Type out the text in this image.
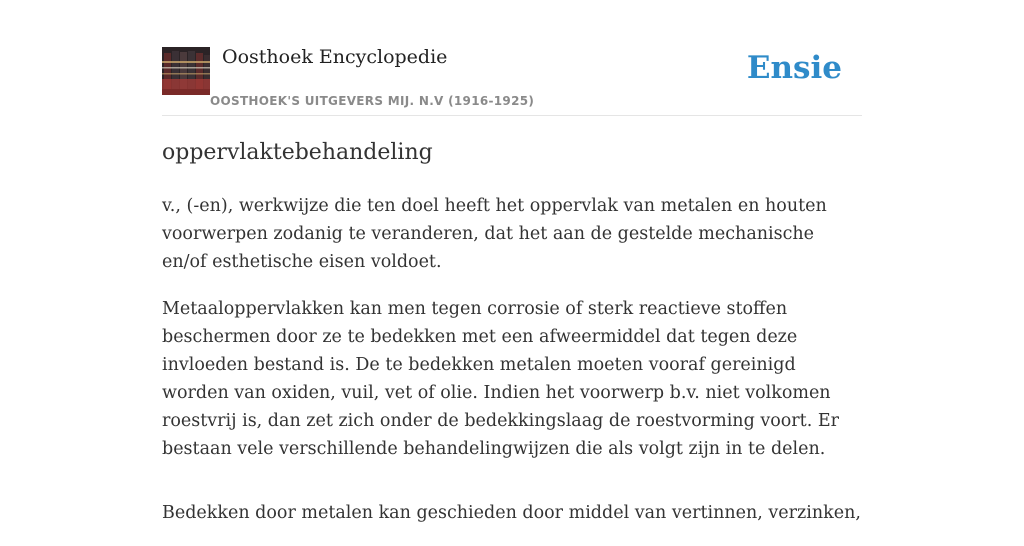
Oosthoek Encyclopedie
OOSTHOEK'S UITGEVERS MIJ. N.V (1916-1925)
Ensie
oppervlaktebehandeling

v., (-en), werkwijze die ten doel heeft het oppervlak van metalen en houten voorwerpen zodanig te veranderen, dat het aan de gestelde mechanische en/of esthetische eisen voldoet.

Metaaloppervlakken kan men tegen corrosie of sterk reactieve stoffen beschermen door ze te bedekken met een afweermiddel dat tegen deze invloeden bestand is. De te bedekken metalen moeten vooraf gereinigd worden van oxiden, vuil, vet of olie. Indien het voorwerp b.v. niet volkomen roestvrij is, dan zet zich onder de bedekkingslaag de roestvorming voort. Er bestaan vele verschillende behandelingwijzen die als volgt zijn in te delen.

Bedekken door metalen kan geschieden door middel van vertinnen, verzinken,
